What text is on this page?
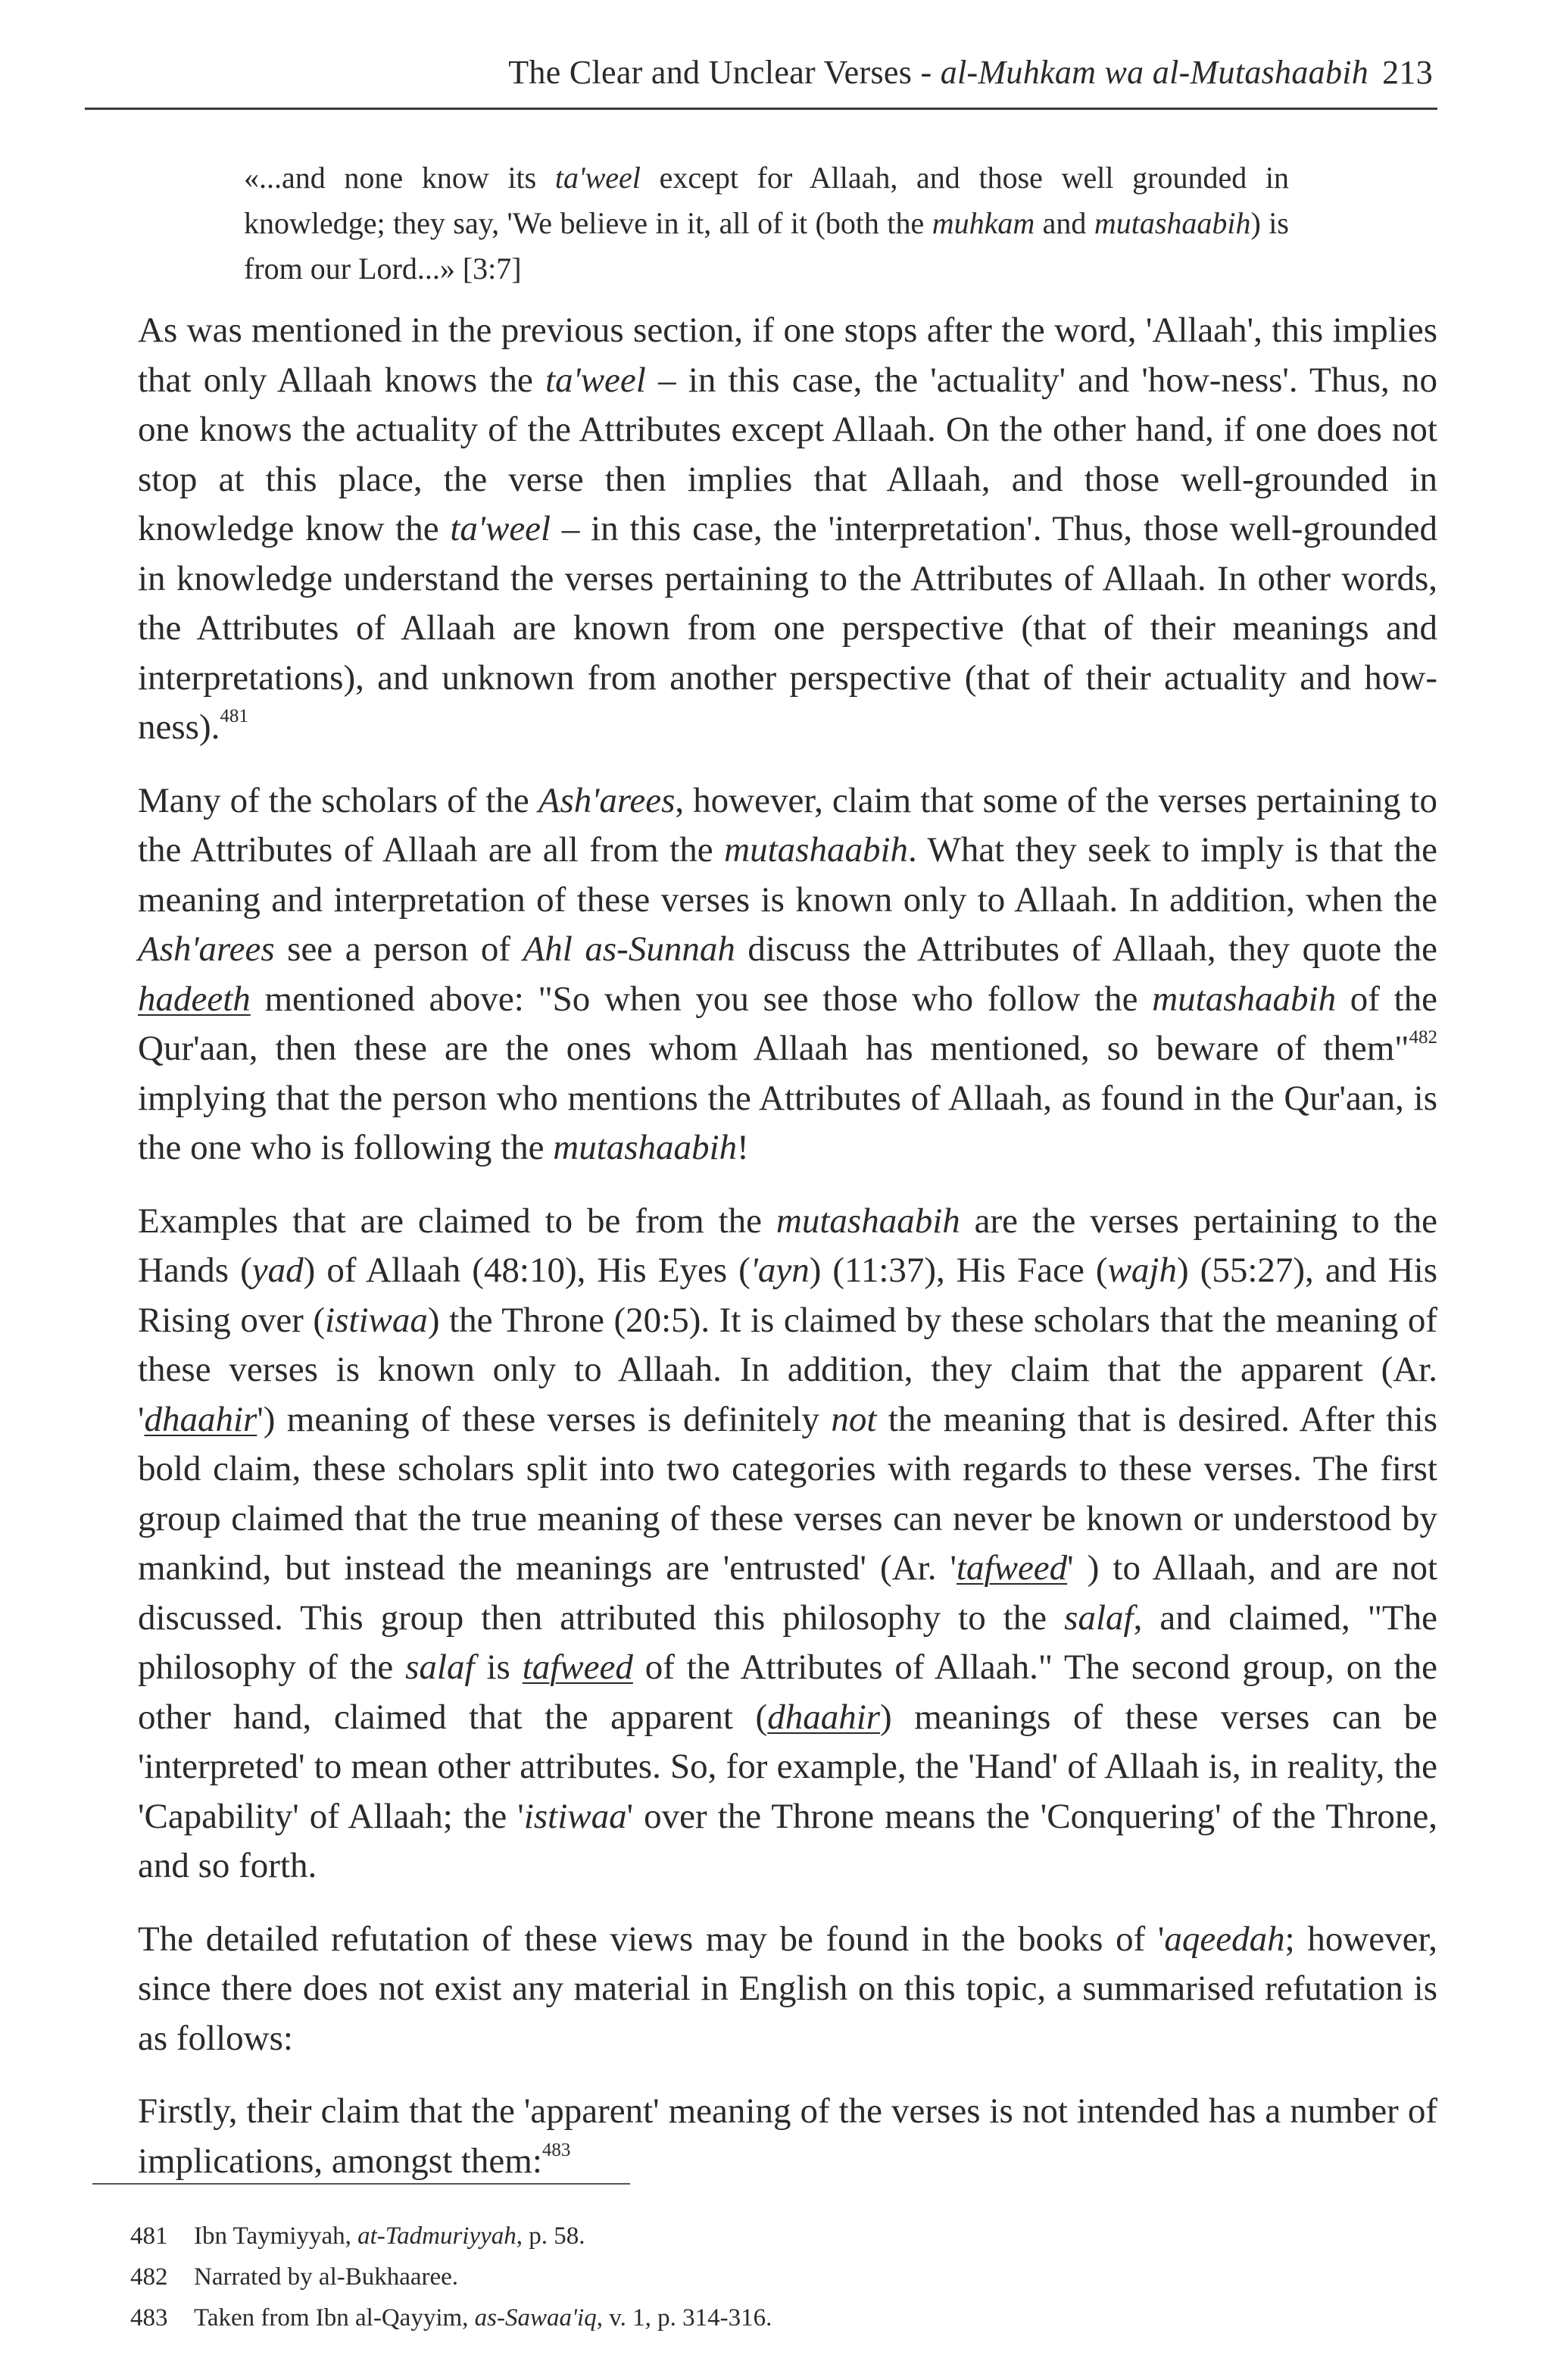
The Clear and Unclear Verses - al-Muhkam wa al-Mutashaabih 213
«...and none know its ta'weel except for Allaah, and those well grounded in knowledge; they say, 'We believe in it, all of it (both the muhkam and mutashaabih) is from our Lord...» [3:7]

As was mentioned in the previous section, if one stops after the word, 'Allaah', this implies that only Allaah knows the ta'weel – in this case, the 'actuality' and 'how-ness'. Thus, no one knows the actuality of the Attributes except Allaah. On the other hand, if one does not stop at this place, the verse then implies that Allaah, and those well-grounded in knowledge know the ta'weel – in this case, the 'interpretation'. Thus, those well-grounded in knowledge understand the verses pertaining to the Attributes of Allaah. In other words, the Attributes of Allaah are known from one perspective (that of their meanings and interpretations), and unknown from another perspective (that of their actuality and how-ness).$^{481}$

Many of the scholars of the Ash'arees, however, claim that some of the verses pertaining to the Attributes of Allaah are all from the mutashaabih. What they seek to imply is that the meaning and interpretation of these verses is known only to Allaah. In addition, when the Ash'arees see a person of Ahl as-Sunnah discuss the Attributes of Allaah, they quote the hadeeth mentioned above: "So when you see those who follow the mutashaabih of the Qur'aan, then these are the ones whom Allaah has mentioned, so beware of them"$^{482}$ implying that the person who mentions the Attributes of Allaah, as found in the Qur'aan, is the one who is following the mutashaabih!

Examples that are claimed to be from the mutashaabih are the verses pertaining to the Hands (yad) of Allaah (48:10), His Eyes ('ayn) (11:37), His Face (wajh) (55:27), and His Rising over (istiwaa) the Throne (20:5). It is claimed by these scholars that the meaning of these verses is known only to Allaah. In addition, they claim that the apparent (Ar. 'dhaahir') meaning of these verses is definitely not the meaning that is desired. After this bold claim, these scholars split into two categories with regards to these verses. The first group claimed that the true meaning of these verses can never be known or understood by mankind, but instead the meanings are 'entrusted' (Ar. 'tafweed' ) to Allaah, and are not discussed. This group then attributed this philosophy to the salaf, and claimed, "The philosophy of the salaf is tafweed of the Attributes of Allaah." The second group, on the other hand, claimed that the apparent (dhaahir) meanings of these verses can be 'interpreted' to mean other attributes. So, for example, the 'Hand' of Allaah is, in reality, the 'Capability' of Allaah; the 'istiwaa' over the Throne means the 'Conquering' of the Throne, and so forth.

The detailed refutation of these views may be found in the books of 'aqeedah; however, since there does not exist any material in English on this topic, a summarised refutation is as follows:

Firstly, their claim that the 'apparent' meaning of the verses is not intended has a number of implications, amongst them:$^{483}$

481 Ibn Taymiyyah, at-Tadmuriyyah, p. 58.
482 Narrated by al-Bukhaaree.
483 Taken from Ibn al-Qayyim, as-Sawaa'iq, v. 1, p. 314-316.
